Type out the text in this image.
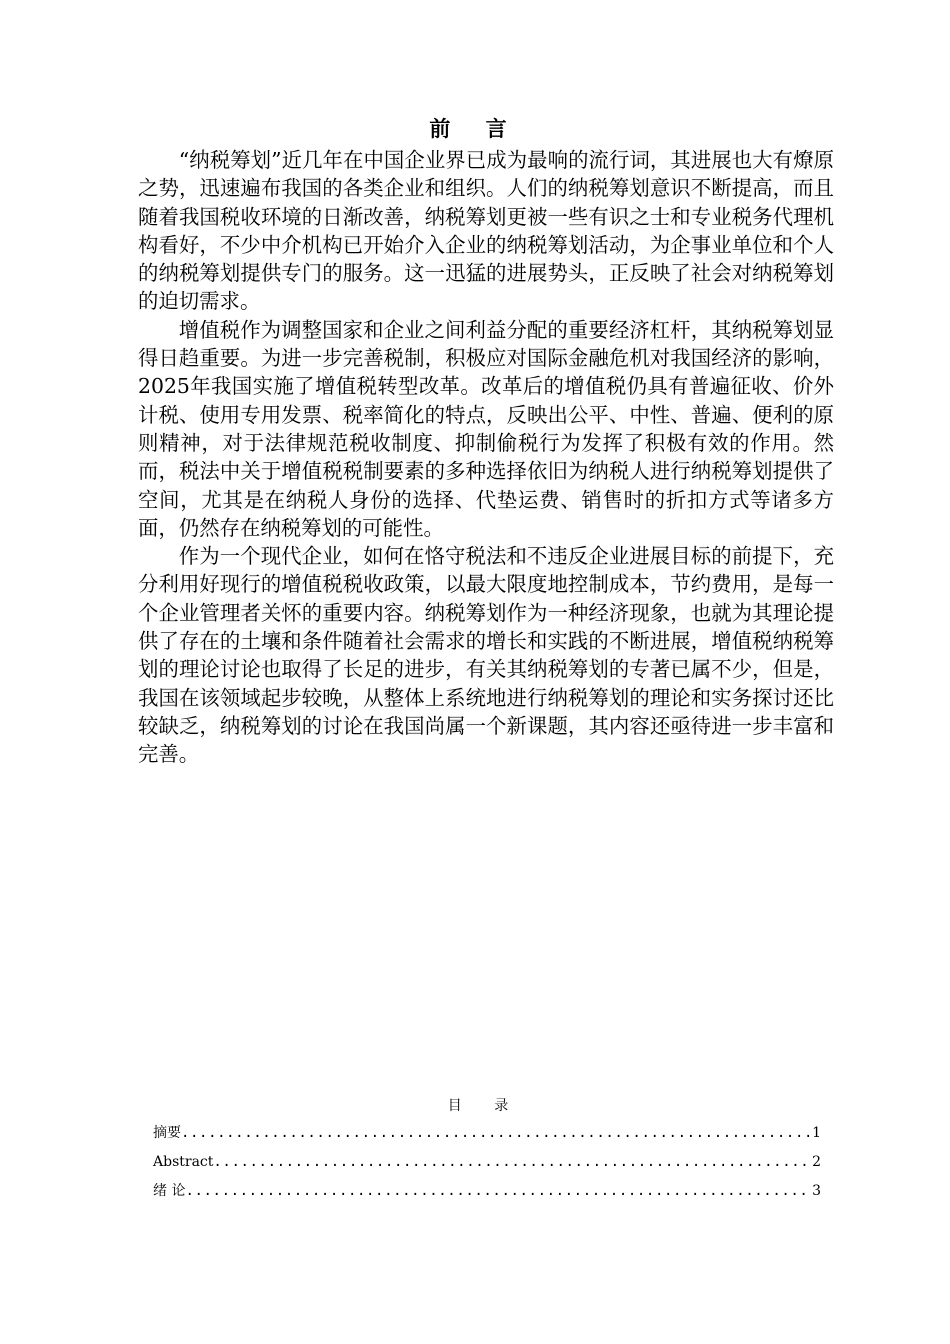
前 言

“纳税筹划”近几年在中国企业界已成为最响的流行词，其进展也大有燎原之势，迅速遍布我国的各类企业和组织。人们的纳税筹划意识不断提高，而且随着我国税收环境的日渐改善，纳税筹划更被一些有识之士和专业税务代理机构看好，不少中介机构已开始介入企业的纳税筹划活动，为企事业单位和个人的纳税筹划提供专门的服务。这一迅猛的进展势头，正反映了社会对纳税筹划的迫切需求。

增值税作为调整国家和企业之间利益分配的重要经济杠杆，其纳税筹划显得日趋重要。为进一步完善税制，积极应对国际金融危机对我国经济的影响，2025年我国实施了增值税转型改革。改革后的增值税仍具有普遍征收、价外计税、使用专用发票、税率简化的特点，反映出公平、中性、普遍、便利的原则精神，对于法律规范税收制度、抑制偷税行为发挥了积极有效的作用。然而，税法中关于增值税税制要素的多种选择依旧为纳税人进行纳税筹划提供了空间，尤其是在纳税人身份的选择、代垫运费、销售时的折扣方式等诸多方面，仍然存在纳税筹划的可能性。

作为一个现代企业，如何在恪守税法和不违反企业进展目标的前提下，充分利用好现行的增值税税收政策，以最大限度地控制成本，节约费用，是每一个企业管理者关怀的重要内容。纳税筹划作为一种经济现象，也就为其理论提供了存在的土壤和条件随着社会需求的增长和实践的不断进展，增值税纳税筹划的理论讨论也取得了长足的进步，有关其纳税筹划的专著已属不少，但是，我国在该领域起步较晚，从整体上系统地进行纳税筹划的理论和实务探讨还比较缺乏，纳税筹划的讨论在我国尚属一个新课题，其内容还亟待进一步丰富和完善。

目 录
摘要 .....	1
Abstract .....	2
绪 论 .....	3
